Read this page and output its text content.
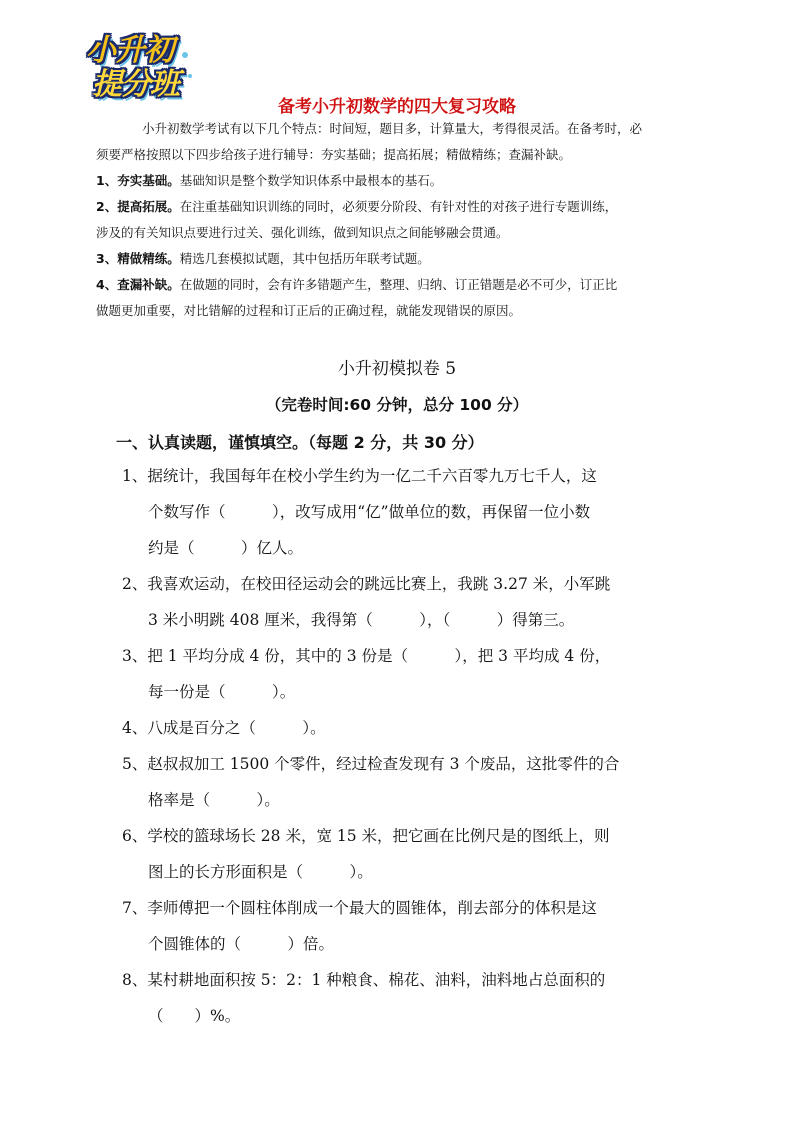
小升初
提分班
备考小升初数学的四大复习攻略

小升初数学考试有以下几个特点：时间短，题目多，计算量大，考得很灵活。在备考时，必

须要严格按照以下四步给孩子进行辅导：夯实基础；提高拓展；精做精练；查漏补缺。

1、夯实基础。基础知识是整个数学知识体系中最根本的基石。

2、提高拓展。在注重基础知识训练的同时，必须要分阶段、有针对性的对孩子进行专题训练，

涉及的有关知识点要进行过关、强化训练，做到知识点之间能够融会贯通。

3、精做精练。精选几套模拟试题，其中包括历年联考试题。

4、查漏补缺。在做题的同时，会有许多错题产生，整理、归纳、订正错题是必不可少，订正比

做题更加重要，对比错解的过程和订正后的正确过程，就能发现错误的原因。

小升初模拟卷 5
（完卷时间:60 分钟，总分 100 分）
一、认真读题，谨慎填空。（每题 2 分，共 30 分）

1、据统计，我国每年在校小学生约为一亿二千六百零九万七千人，这

个数写作（　　　），改写成用“亿”做单位的数，再保留一位小数

约是（　　　）亿人。

2、我喜欢运动，在校田径运动会的跳远比赛上，我跳 3.27 米，小军跳

3 米小明跳 408 厘米，我得第（　　　），（　　　）得第三。

3、把 1 平均分成 4 份，其中的 3 份是（　　　），把 3 平均成 4 份，

每一份是（　　　）。

4、八成是百分之（　　　）。

5、赵叔叔加工 1500 个零件，经过检查发现有 3 个废品，这批零件的合

格率是（　　　）。

6、学校的篮球场长 28 米，宽 15 米，把它画在比例尺是的图纸上，则

图上的长方形面积是（　　　）。

7、李师傅把一个圆柱体削成一个最大的圆锥体，削去部分的体积是这

个圆锥体的（　　　）倍。

8、某村耕地面积按 5：2：1 种粮食、棉花、油料，油料地占总面积的

（　　）%。
